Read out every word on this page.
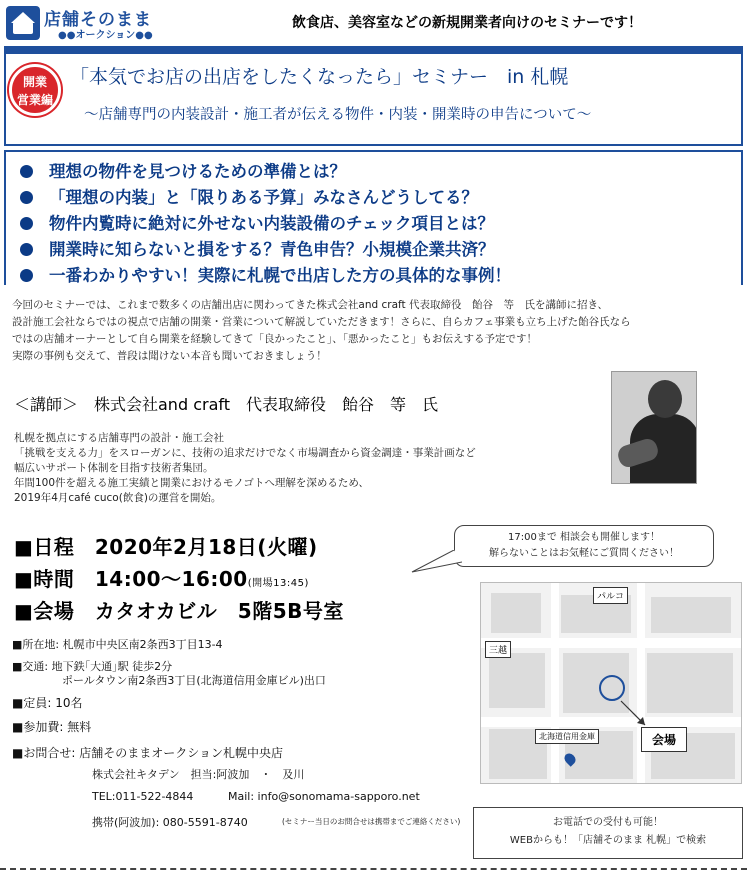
店舗そのまま
●●オークション●●
飲食店、美容室などの新規開業者向けのセミナーです！
開業
営業編
「本気でお店の出店をしたくなったら」セミナー　in 札幌
～店舗専門の内装設計・施工者が伝える物件・内装・開業時の申告について～
理想の物件を見つけるための準備とは？
「理想の内装」と「限りある予算」みなさんどうしてる？
物件内覧時に絶対に外せない内装設備のチェック項目とは？
開業時に知らないと損をする？青色申告？小規模企業共済？
一番わかりやすい！実際に札幌で出店した方の具体的な事例！
今回のセミナーでは、これまで数多くの店舗出店に関わってきた株式会社and craft 代表取締役　飴谷　等　氏を講師に招き、
設計施工会社ならではの視点で店舗の開業・営業について解説していただきます！さらに、自らカフェ事業も立ち上げた飴谷氏なら
ではの店舗オーナーとして自ら開業を経験してきて「良かったこと」、「悪かったこと」もお伝えする予定です！
実際の事例も交えて、普段は聞けない本音も聞いておきましょう！
＜講師＞　株式会社and craft　代表取締役　飴谷　等　氏
札幌を拠点にする店舗専門の設計・施工会社
「挑戦を支える力」をスローガンに、技術の追求だけでなく市場調査から資金調達・事業計画など
幅広いサポート体制を目指す技術者集団。
年間100件を超える施工実績と開業におけるモノゴトへ理解を深めるため、
2019年4月café cuco(飲食)の運営を開始。
■日程　2020年2月18日(火曜)
■時間　14:00～16:00(開場13:45)
■会場　カタオカビル　5階5B号室
17:00まで 相談会も開催します！
解らないことはお気軽にご質問ください！
■所在地: 札幌市中央区南2条西3丁目13-4
■交通: 地下鉄｢大通｣駅 徒歩2分
ポールタウン南2条西3丁目(北海道信用金庫ビル)出口
■定員: 10名
■参加費: 無料
■お問合せ: 店舗そのままオークション札幌中央店
株式会社キタデン　担当:阿波加　・　及川
TEL:011-522-4844	Mail: info@sonomama-sapporo.net
携帯(阿波加): 080-5591-8740	(セミナー当日のお問合せは携帯までご連絡ください)
パルコ
三越
北海道信用金庫	会場
お電話での受付も可能！
WEBからも！「店舗そのまま 札幌」で検索
